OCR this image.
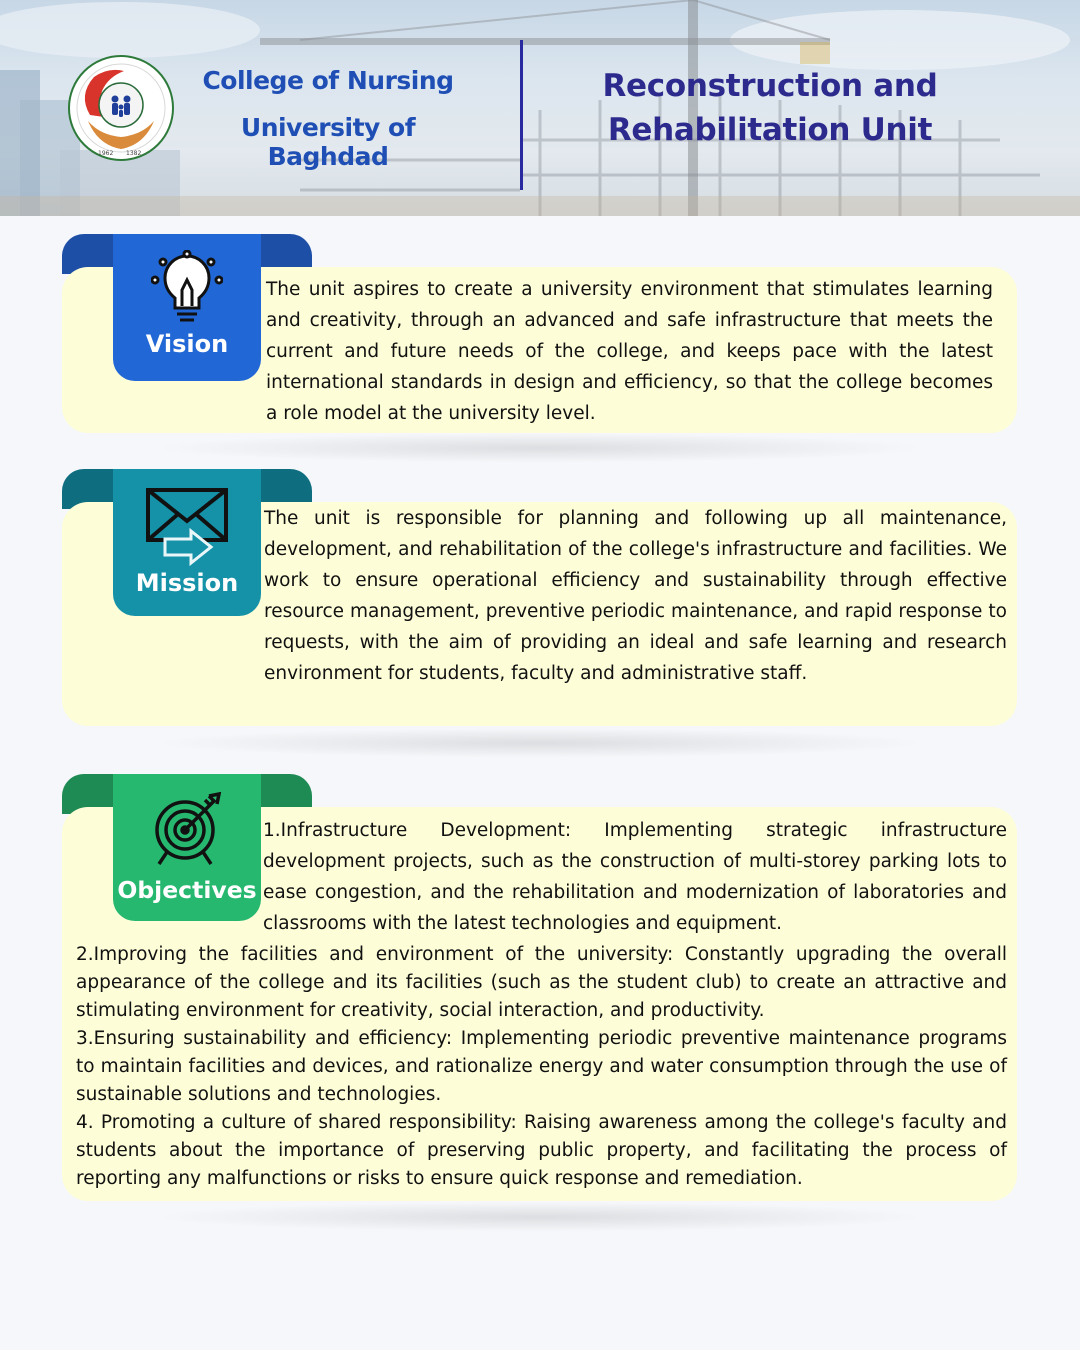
1962 1382
College of Nursing
University of Baghdad
Reconstruction and
Rehabilitation Unit
Vision
The unit aspires to create a university environment that stimulates learning and creativity, through an advanced and safe infrastructure that meets the current and future needs of the college, and keeps pace with the latest international standards in design and efficiency, so that the college becomes a role model at the university level.
Mission
The unit is responsible for planning and following up all maintenance, development, and rehabilitation of the college's infrastructure and facilities. We work to ensure operational efficiency and sustainability through effective resource management, preventive periodic maintenance, and rapid response to requests, with the aim of providing an ideal and safe learning and research environment for students, faculty and administrative staff.
Objectives
1.Infrastructure Development: Implementing strategic infrastructure development projects, such as the construction of multi-storey parking lots to ease congestion, and the rehabilitation and modernization of laboratories and classrooms with the latest technologies and equipment.
2.Improving the facilities and environment of the university: Constantly upgrading the overall appearance of the college and its facilities (such as the student club) to create an attractive and stimulating environment for creativity, social interaction, and productivity.
3.Ensuring sustainability and efficiency: Implementing periodic preventive maintenance programs to maintain facilities and devices, and rationalize energy and water consumption through the use of sustainable solutions and technologies.
4. Promoting a culture of shared responsibility: Raising awareness among the college's faculty and students about the importance of preserving public property, and facilitating the process of reporting any malfunctions or risks to ensure quick response and remediation.
